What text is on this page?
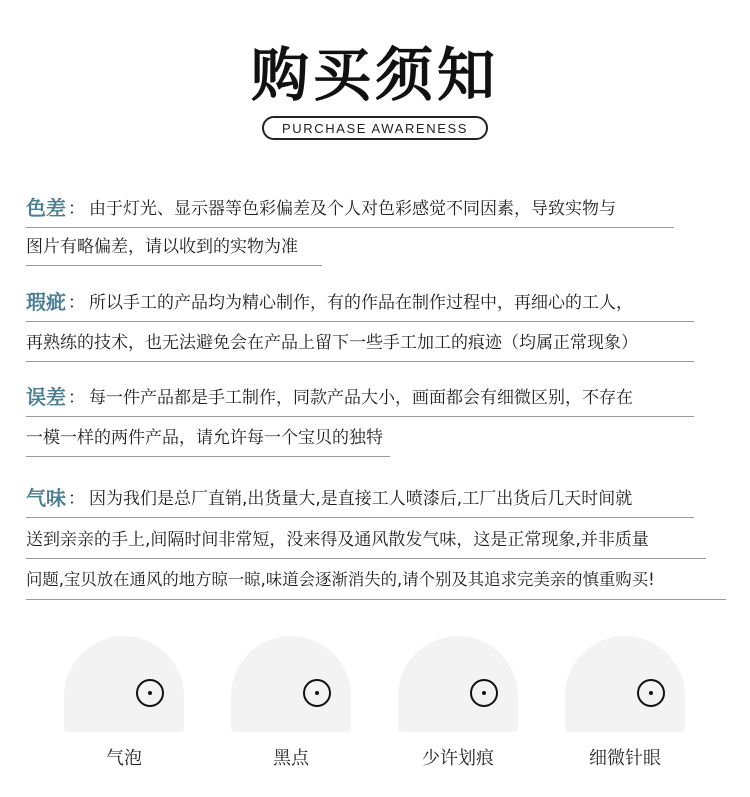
购买须知
PURCHASE AWARENESS
色差 ： 由于灯光、显示器等色彩偏差及个人对色彩感觉不同因素，导致实物与
图片有略偏差，请以收到的实物为准
瑕疵 ： 所以手工的产品均为精心制作，有的作品在制作过程中，再细心的工人，
再熟练的技术，也无法避免会在产品上留下一些手工加工的痕迹（均属正常现象）
误差 ： 每一件产品都是手工制作，同款产品大小，画面都会有细微区别，不存在
一模一样的两件产品，请允许每一个宝贝的独特
气味 ： 因为我们是总厂直销,出货量大,是直接工人喷漆后,工厂出货后几天时间就
送到亲亲的手上,间隔时间非常短，没来得及通风散发气味，这是正常现象,并非质量
问题,宝贝放在通风的地方晾一晾,味道会逐渐消失的,请个别及其追求完美亲的慎重购买!
气泡	黑点	少许划痕	细微针眼
